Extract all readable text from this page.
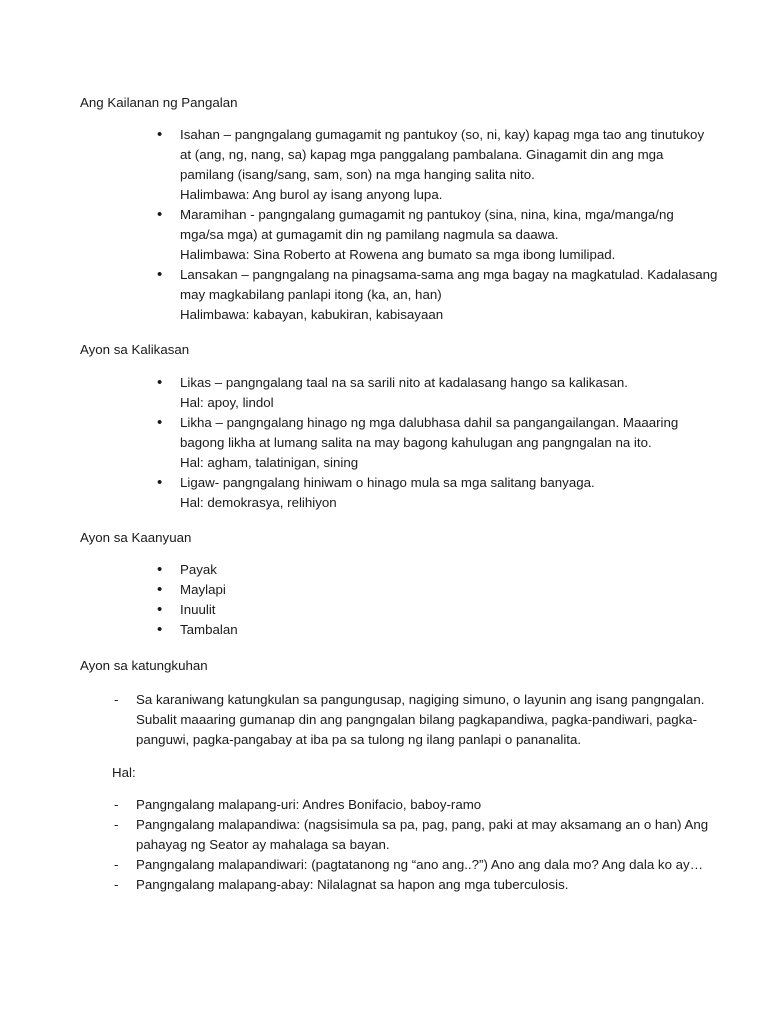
Ang Kailanan ng Pangalan
• Isahan – pangngalang gumagamit ng pantukoy (so, ni, kay) kapag mga tao ang tinutukoy
at (ang, ng, nang, sa) kapag mga panggalang pambalana. Ginagamit din ang mga
pamilang (isang/sang, sam, son) na mga hanging salita nito.
Halimbawa: Ang burol ay isang anyong lupa.
• Maramihan - pangngalang gumagamit ng pantukoy (sina, nina, kina, mga/manga/ng
mga/sa mga) at gumagamit din ng pamilang nagmula sa daawa.
Halimbawa: Sina Roberto at Rowena ang bumato sa mga ibong lumilipad.
• Lansakan – pangngalang na pinagsama-sama ang mga bagay na magkatulad. Kadalasang
may magkabilang panlapi itong (ka, an, han)
Halimbawa: kabayan, kabukiran, kabisayaan
Ayon sa Kalikasan
• Likas – pangngalang taal na sa sarili nito at kadalasang hango sa kalikasan.
Hal: apoy, lindol
• Likha – pangngalang hinago ng mga dalubhasa dahil sa pangangailangan. Maaaring
bagong likha at lumang salita na may bagong kahulugan ang pangngalan na ito.
Hal: agham, talatinigan, sining
• Ligaw- pangngalang hiniwam o hinago mula sa mga salitang banyaga.
Hal: demokrasya, relihiyon
Ayon sa Kaanyuan
• Payak
• Maylapi
• Inuulit
• Tambalan
Ayon sa katungkuhan
- Sa karaniwang katungkulan sa pangungusap, nagiging simuno, o layunin ang isang pangngalan.
Subalit maaaring gumanap din ang pangngalan bilang pagkapandiwa, pagka-pandiwari, pagka-
panguwi, pagka-pangabay at iba pa sa tulong ng ilang panlapi o pananalita.

Hal:

- Pangngalang malapang-uri: Andres Bonifacio, baboy-ramo
- Pangngalang malapandiwa: (nagsisimula sa pa, pag, pang, paki at may aksamang an o han) Ang
pahayag ng Seator ay mahalaga sa bayan.
- Pangngalang malapandiwari: (pagtatanong ng “ano ang..?”) Ano ang dala mo? Ang dala ko ay…
- Pangngalang malapang-abay: Nilalagnat sa hapon ang mga tuberculosis.
